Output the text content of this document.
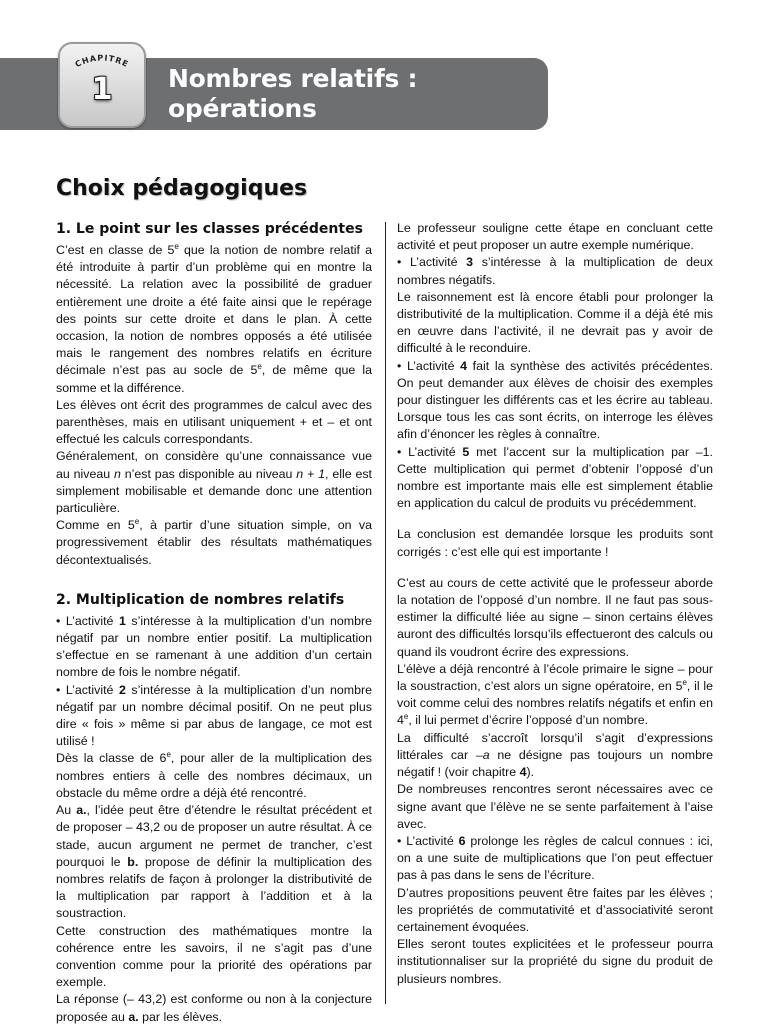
CHAPITRE
1	Nombres relatifs :
opérations
Choix pédagogiques
1. Le point sur les classes précédentes

C’est en classe de 5e que la notion de nombre relatif a été introduite à partir d’un problème qui en montre la nécessité. La relation avec la possibilité de graduer entièrement une droite a été faite ainsi que le repérage des points sur cette droite et dans le plan. À cette occasion, la notion de nombres opposés a été utilisée mais le rangement des nombres relatifs en écriture décimale n’est pas au socle de 5e, de même que la somme et la différence.

Les élèves ont écrit des programmes de calcul avec des parenthèses, mais en utilisant uniquement + et – et ont effectué les calculs correspondants.

Généralement, on considère qu’une connaissance vue au niveau n n’est pas disponible au niveau n + 1, elle est simplement mobilisable et demande donc une attention particulière.

Comme en 5e, à partir d’une situation simple, on va progressivement établir des résultats mathématiques décontextualisés.

2. Multiplication de nombres relatifs

• L’activité 1 s’intéresse à la multiplication d’un nombre négatif par un nombre entier positif. La multiplication s’effectue en se ramenant à une addition d’un certain nombre de fois le nombre négatif.

• L’activité 2 s’intéresse à la multiplication d’un nombre négatif par un nombre décimal positif. On ne peut plus dire « fois » même si par abus de langage, ce mot est utilisé !

Dès la classe de 6e, pour aller de la multiplication des nombres entiers à celle des nombres décimaux, un obstacle du même ordre a déjà été rencontré.

Au a., l’idée peut être d’étendre le résultat précédent et de proposer – 43,2 ou de proposer un autre résultat. À ce stade, aucun argument ne permet de trancher, c’est pourquoi le b. propose de définir la multiplication des nombres relatifs de façon à prolonger la distributivité de la multiplication par rapport à l’addition et à la soustraction.

Cette construction des mathématiques montre la cohérence entre les savoirs, il ne s’agit pas d’une convention comme pour la priorité des opérations par exemple.

La réponse (– 43,2) est conforme ou non à la conjecture proposée au a. par les élèves.

Le professeur souligne cette étape en concluant cette activité et peut proposer un autre exemple numérique.

• L’activité 3 s’intéresse à la multiplication de deux nombres négatifs.

Le raisonnement est là encore établi pour prolonger la distributivité de la multiplication. Comme il a déjà été mis en œuvre dans l’activité, il ne devrait pas y avoir de difficulté à le reconduire.

• L’activité 4 fait la synthèse des activités précédentes. On peut demander aux élèves de choisir des exemples pour distinguer les différents cas et les écrire au tableau. Lorsque tous les cas sont écrits, on interroge les élèves afin d’énoncer les règles à connaître.

• L’activité 5 met l’accent sur la multiplication par –1. Cette multiplication qui permet d’obtenir l’opposé d’un nombre est importante mais elle est simplement établie en application du calcul de produits vu précédemment.

La conclusion est demandée lorsque les produits sont corrigés : c’est elle qui est importante !

C’est au cours de cette activité que le professeur aborde la notation de l’opposé d’un nombre. Il ne faut pas sous-estimer la difficulté liée au signe – sinon certains élèves auront des difficultés lorsqu’ils effectueront des calculs ou quand ils voudront écrire des expressions.

L’élève a déjà rencontré à l’école primaire le signe – pour la soustraction, c’est alors un signe opératoire, en 5e, il le voit comme celui des nombres relatifs négatifs et enfin en 4e, il lui permet d’écrire l’opposé d’un nombre.

La difficulté s’accroît lorsqu’il s’agit d’expressions littérales car –a ne désigne pas toujours un nombre négatif ! (voir chapitre 4).

De nombreuses rencontres seront nécessaires avec ce signe avant que l’élève ne se sente parfaitement à l’aise avec.

• L’activité 6 prolonge les règles de calcul connues : ici, on a une suite de multiplications que l’on peut effectuer pas à pas dans le sens de l’écriture.

D’autres propositions peuvent être faites par les élèves ; les propriétés de commutativité et d’associativité seront certainement évoquées.

Elles seront toutes explicitées et le professeur pourra institutionnaliser sur la propriété du signe du produit de plusieurs nombres.
